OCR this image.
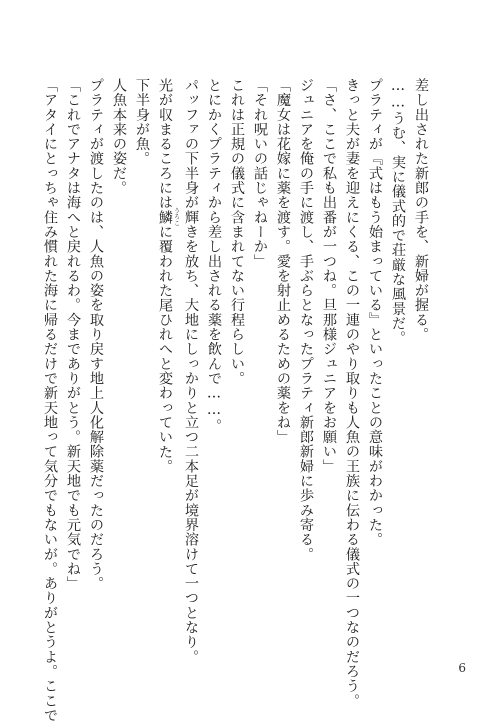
差し出された新郎の手を、新婦が握る。
……うむ、実に儀式的で荘厳な風景だ。
プラティが『式はもう始まっている』といったことの意味がわかった。
きっと夫が妻を迎えにくる、この一連のやり取りも人魚の王族に伝わる儀式の一つなのだろう。
「さ、ここで私も出番が一つね。旦那様ジュニアをお願い」
ジュニアを俺の手に渡し、手ぶらとなったプラティ新郎新婦に歩み寄る。
「魔女は花嫁に薬を渡す。愛を射止めるための薬をね」
「それ呪いの話じゃねーか」
これは正規の儀式に含まれてない行程らしい。
とにかくプラティから差し出される薬を飲んで……。
パッファの下半身が輝きを放ち、大地にしっかりと立つ二本足が境界溶けて一つとなり。
光が収まるころには鱗 うろこに覆われた尾ひれへと変わっていた。
下半身が魚。
人魚本来の姿だ。
プラティが渡したのは、人魚の姿を取り戻す地上人化解除薬だったのだろう。
「これでアナタは海へと戻れるわ。今までありがとう。新天地でも元気でね」
「アタイにとっちゃ住み慣れた海に帰るだけで新天地って気分でもないが。ありがとうよ。ここで	6
